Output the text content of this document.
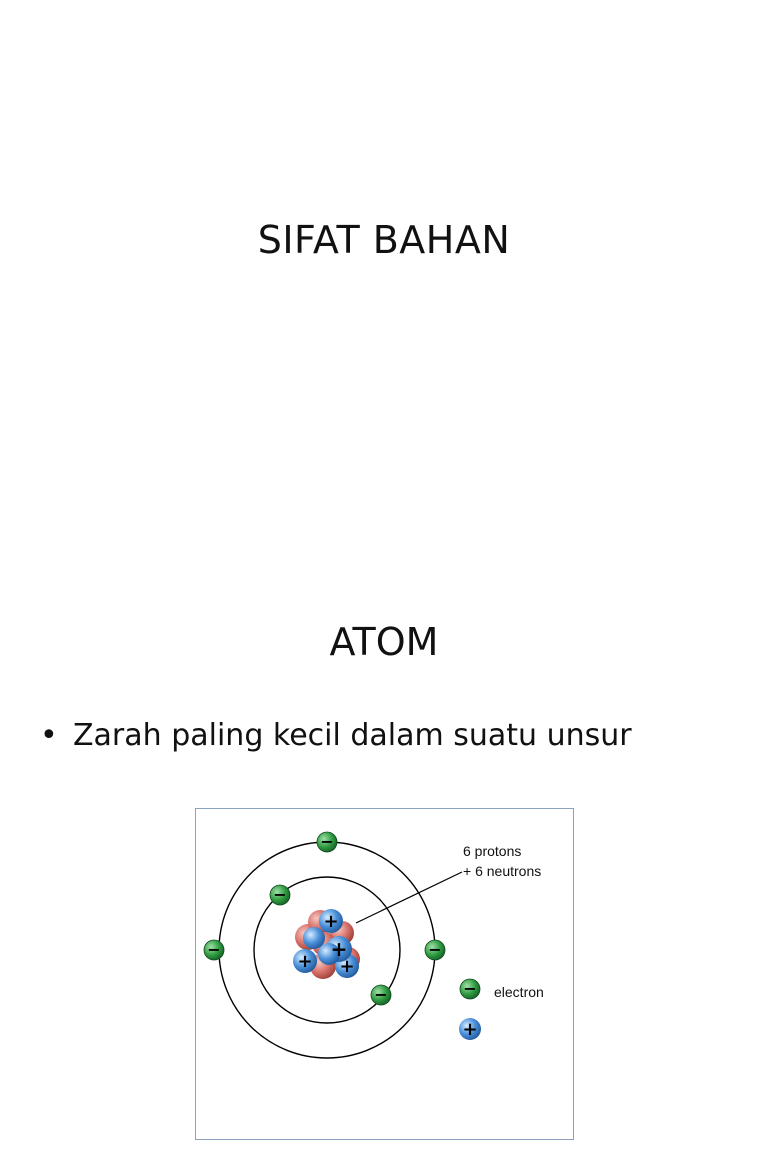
SIFAT BAHAN
ATOM
• Zarah paling kecil dalam suatu unsur
+
+ +
+
−
−
−	−
−
6 protons
+ 6 neutrons
− electron
+
